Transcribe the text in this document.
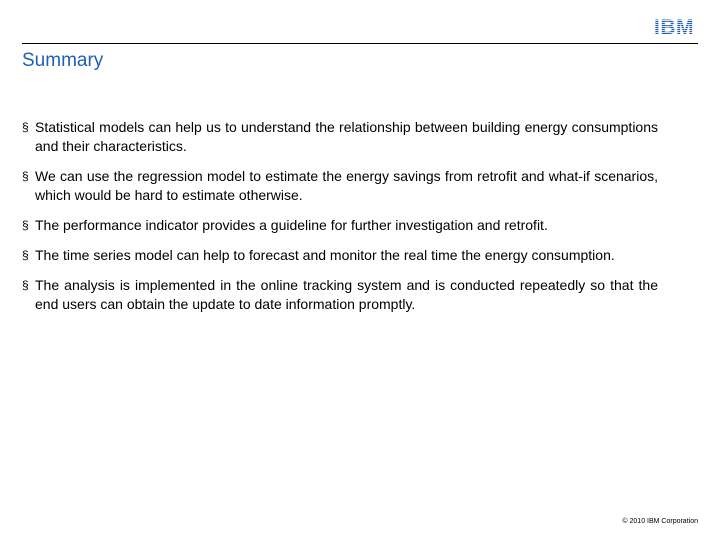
IBM
Summary
§ Statistical models can help us to understand the relationship between building energy consumptions and their characteristics.
§ We can use the regression model to estimate the energy savings from retrofit and what-if scenarios, which would be hard to estimate otherwise.
§ The performance indicator provides a guideline for further investigation and retrofit.
§ The time series model can help to forecast and monitor the real time the energy consumption.
§ The analysis is implemented in the online tracking system and is conducted repeatedly so that the end users can obtain the update to date information promptly.
© 2010 IBM Corporation
